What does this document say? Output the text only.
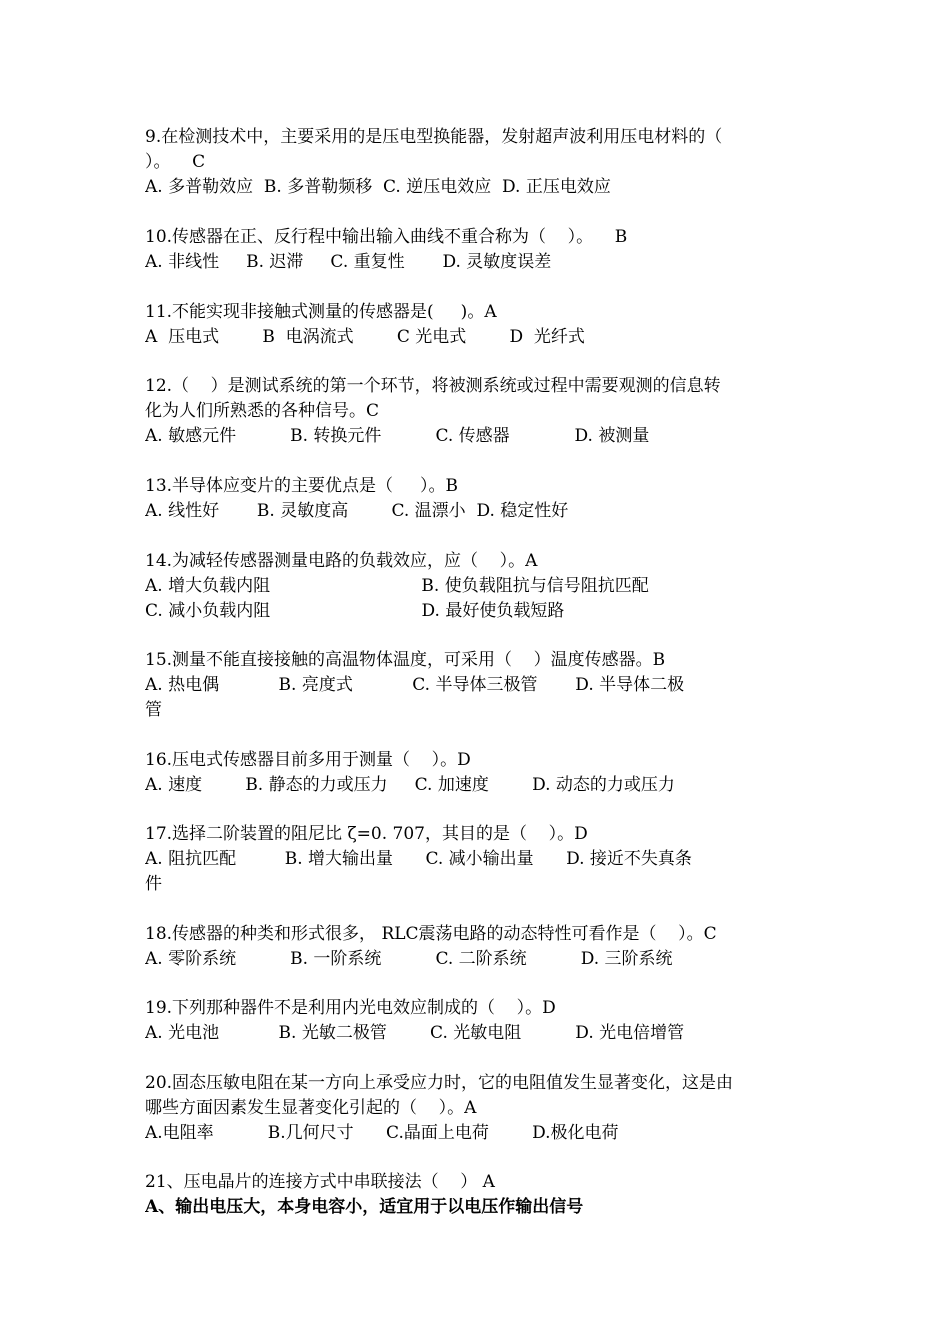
9.在检测技术中，主要采用的是压电型换能器，发射超声波利用压电材料的（
）。    C
A. 多普勒效应  B. 多普勒频移  C. 逆压电效应  D. 正压电效应
10.传感器在正、反行程中输出输入曲线不重合称为（    ）。    B
A. 非线性     B. 迟滞     C. 重复性       D. 灵敏度误差
11.不能实现非接触式测量的传感器是(     )。A
A  压电式        B  电涡流式        C 光电式        D  光纤式
12.（    ）是测试系统的第一个环节，将被测系统或过程中需要观测的信息转
化为人们所熟悉的各种信号。C
A. 敏感元件          B. 转换元件          C. 传感器            D. 被测量
13.半导体应变片的主要优点是（     ）。B
A. 线性好       B. 灵敏度高        C. 温漂小  D. 稳定性好
14.为减轻传感器测量电路的负载效应，应（    ）。A
A. 增大负载内阻                            B. 使负载阻抗与信号阻抗匹配
C. 减小负载内阻                            D. 最好使负载短路
15.测量不能直接接触的高温物体温度，可采用（    ）温度传感器。B
A. 热电偶           B. 亮度式           C. 半导体三极管       D. 半导体二极
管
16.压电式传感器目前多用于测量（    ）。D
A. 速度        B. 静态的力或压力     C. 加速度        D. 动态的力或压力
17.选择二阶装置的阻尼比 ζ=0. 707，其目的是（    ）。D
A. 阻抗匹配         B. 增大输出量      C. 减小输出量      D. 接近不失真条
件
18.传感器的种类和形式很多， RLC震荡电路的动态特性可看作是（    ）。C
A. 零阶系统          B. 一阶系统          C. 二阶系统          D. 三阶系统
19.下列那种器件不是利用内光电效应制成的（    ）。D
A. 光电池           B. 光敏二极管        C. 光敏电阻          D. 光电倍增管
20.固态压敏电阻在某一方向上承受应力时，它的电阻值发生显著变化，这是由
哪些方面因素发生显著变化引起的（    ）。A
A.电阻率          B.几何尺寸      C.晶面上电荷        D.极化电荷
21、压电晶片的连接方式中串联接法（    ） A
A、输出电压大，本身电容小，适宜用于以电压作输出信号
